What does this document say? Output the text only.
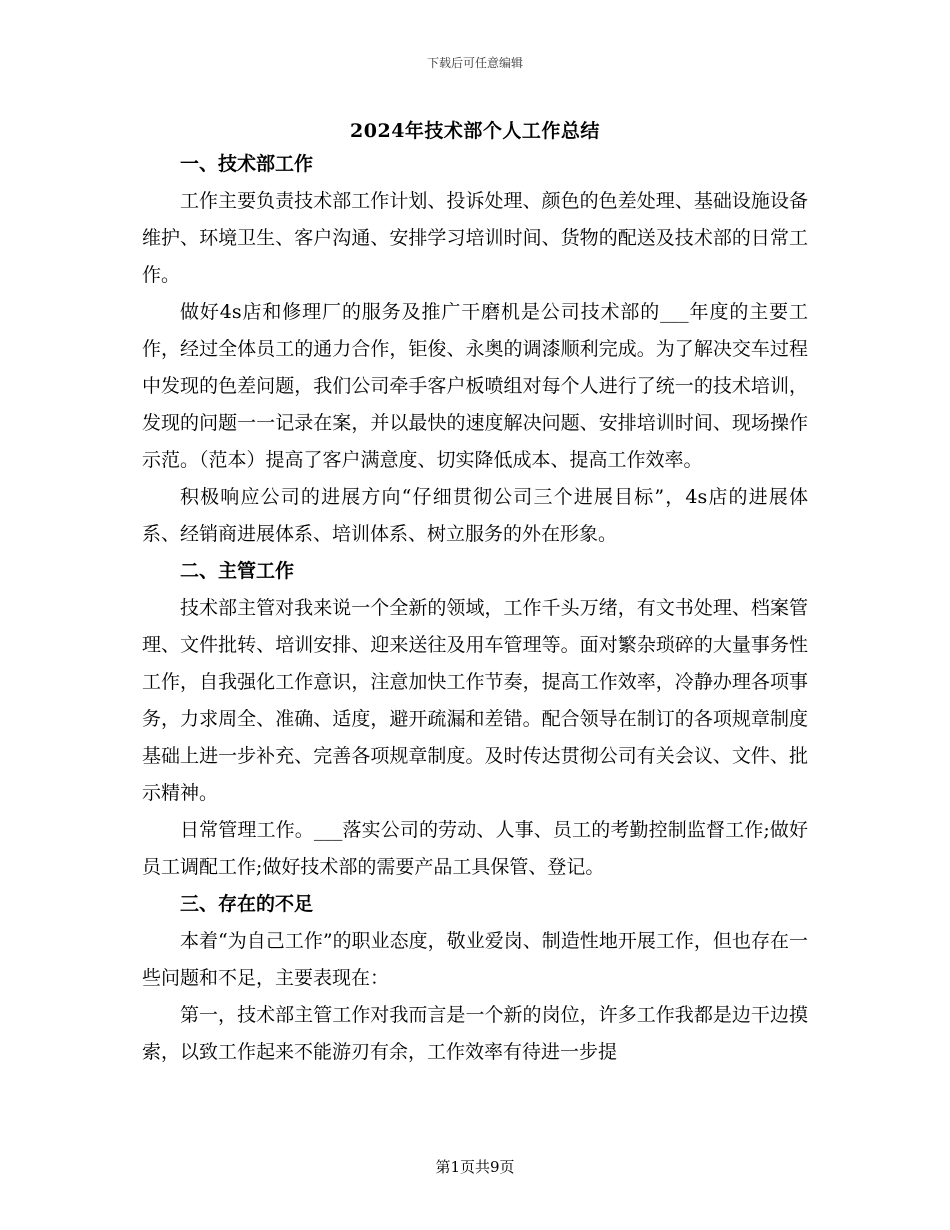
下载后可任意编辑
2024年技术部个人工作总结
一、技术部工作

工作主要负责技术部工作计划、投诉处理、颜色的色差处理、基础设施设备维护、环境卫生、客户沟通、安排学习培训时间、货物的配送及技术部的日常工作。

做好4s店和修理厂的服务及推广干磨机是公司技术部的___年度的主要工作，经过全体员工的通力合作，钜俊、永奥的调漆顺利完成。为了解决交车过程中发现的色差问题，我们公司牵手客户板喷组对每个人进行了统一的技术培训，发现的问题一一记录在案，并以最快的速度解决问题、安排培训时间、现场操作示范。（范本）提高了客户满意度、切实降低成本、提高工作效率。

积极响应公司的进展方向“仔细贯彻公司三个进展目标”，4s店的进展体系、经销商进展体系、培训体系、树立服务的外在形象。

二、主管工作

技术部主管对我来说一个全新的领域，工作千头万绪，有文书处理、档案管理、文件批转、培训安排、迎来送往及用车管理等。面对繁杂琐碎的大量事务性工作，自我强化工作意识，注意加快工作节奏，提高工作效率，冷静办理各项事务，力求周全、准确、适度，避开疏漏和差错。配合领导在制订的各项规章制度基础上进一步补充、完善各项规章制度。及时传达贯彻公司有关会议、文件、批示精神。

日常管理工作。___落实公司的劳动、人事、员工的考勤控制监督工作;做好员工调配工作;做好技术部的需要产品工具保管、登记。

三、存在的不足

本着“为自己工作”的职业态度，敬业爱岗、制造性地开展工作，但也存在一些问题和不足，主要表现在：

第一，技术部主管工作对我而言是一个新的岗位，许多工作我都是边干边摸索，以致工作起来不能游刃有余，工作效率有待进一步提

第1页共9页
